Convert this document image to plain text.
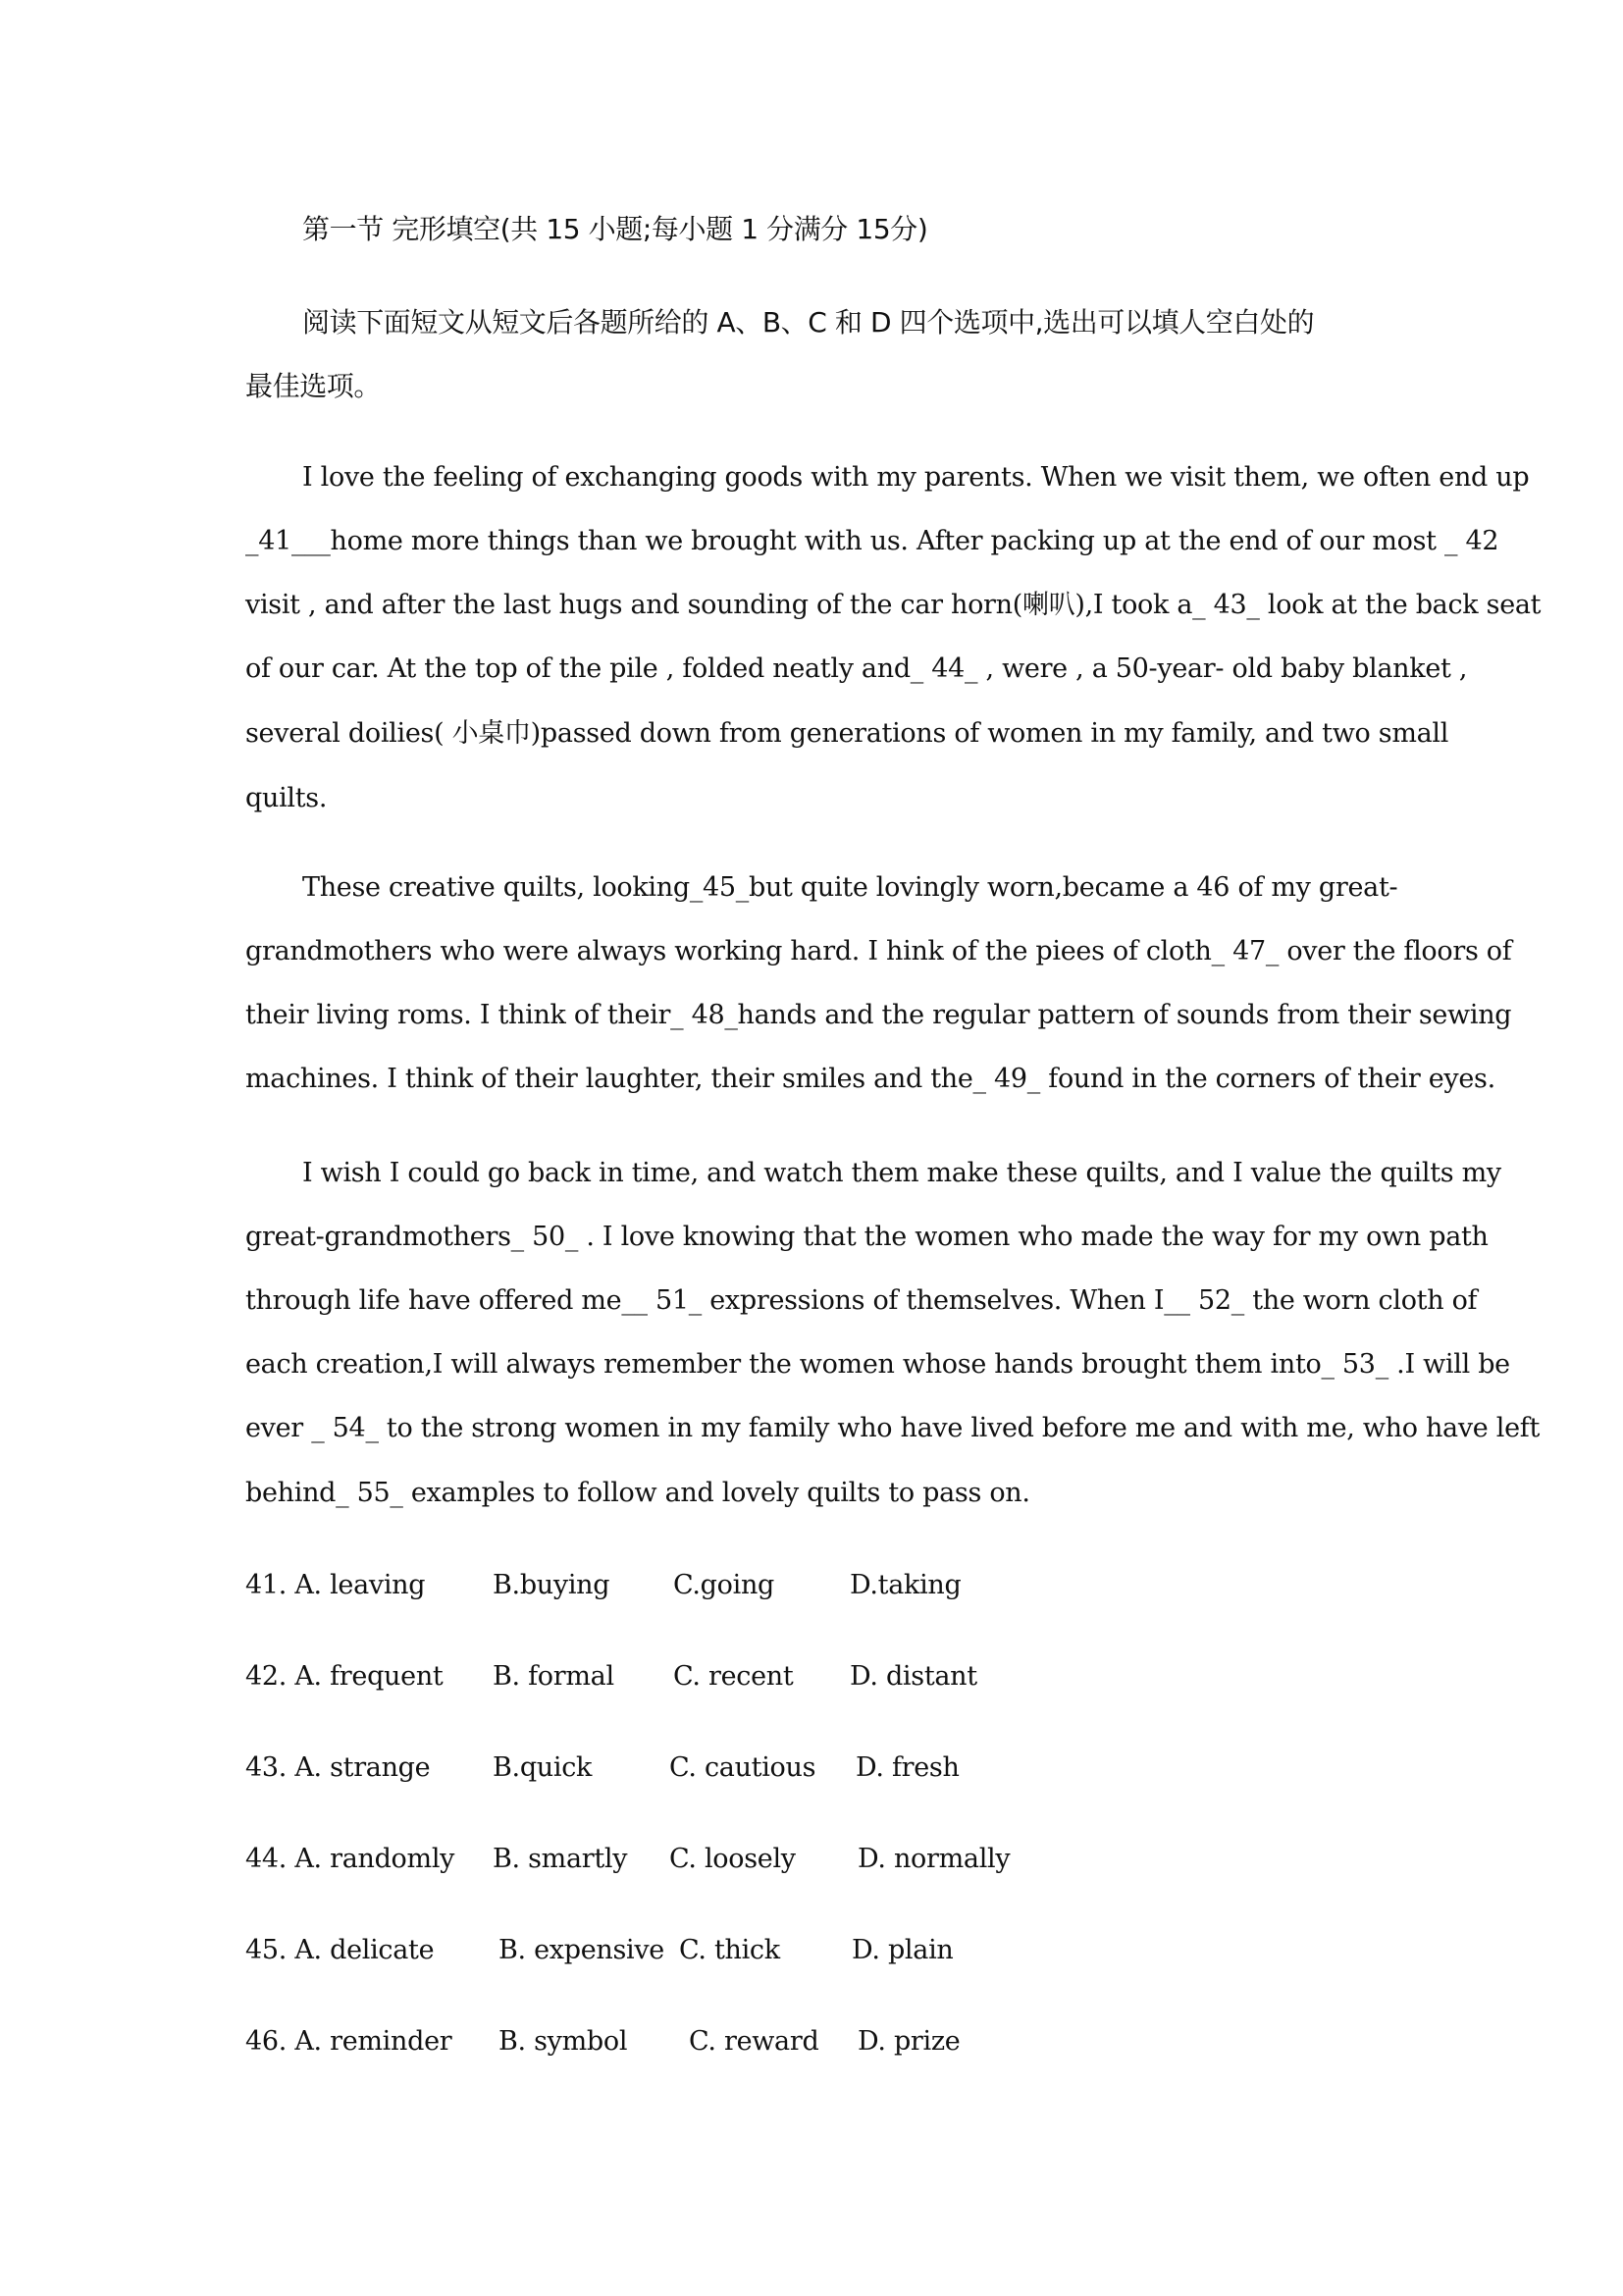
第一节 完形填空(共 15 小题;每小题 1 分满分 15分)
阅读下面短文从短文后各题所给的 A、B、C 和 D 四个选项中,选出可以填人空白处的
最佳选项。
I love the feeling of exchanging goods with my parents. When we visit them, we often end up
_41___home more things than we brought with us. After packing up at the end of our most _ 42
visit , and after the last hugs and sounding of the car horn(喇叭),I took a_ 43_ look at the back seat
of our car. At the top of the pile , folded neatly and_ 44_ , were , a 50-year- old baby blanket ,
several doilies( 小桌巾)passed down from generations of women in my family, and two small
quilts.
These creative quilts, looking_45_but quite lovingly worn,became a 46 of my great-
grandmothers who were always working hard. I hink of the piees of cloth_ 47_ over the floors of
their living roms. I think of their_ 48_hands and the regular pattern of sounds from their sewing
machines. I think of their laughter, their smiles and the_ 49_ found in the corners of their eyes.
I wish I could go back in time, and watch them make these quilts, and I value the quilts my
great-grandmothers_ 50_ . I love knowing that the women who made the way for my own path
through life have offered me__ 51_ expressions of themselves. When I__ 52_ the worn cloth of
each creation,I will always remember the women whose hands brought them into_ 53_ .I will be
ever _ 54_ to the strong women in my family who have lived before me and with me, who have left
behind_ 55_ examples to follow and lovely quilts to pass on.
41. A. leaving	B.buying C.going	D.taking
42. A. frequent B. formal C. recent D. distant
43. A. strange B.quick	C. cautious D. fresh
44. A. randomly B. smartly C. loosely D. normally
45. A. delicate B. expensive C. thick	D. plain
46. A. reminder B. symbol C. reward D. prize
